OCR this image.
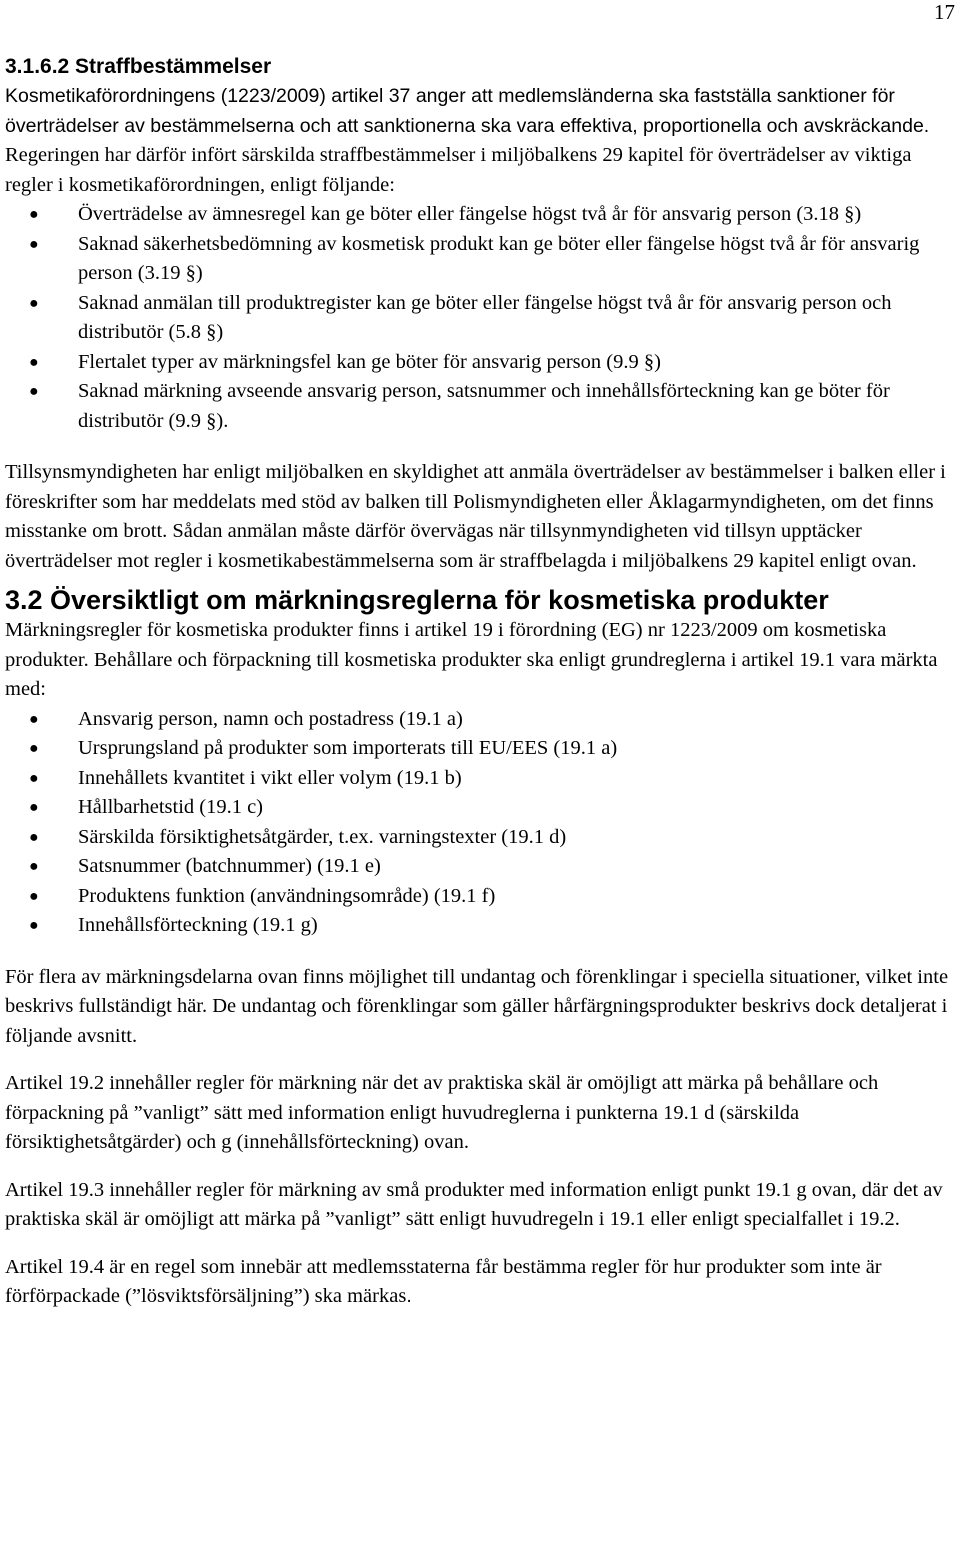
17
3.1.6.2 Straffbestämmelser

Kosmetikaförordningens (1223/2009) artikel 37 anger att medlemsländerna ska fastställa sanktioner för överträdelser av bestämmelserna och att sanktionerna ska vara effektiva, proportionella och avskräckande. Regeringen har därför infört särskilda straffbestämmelser i miljöbalkens 29 kapitel för överträdelser av viktiga regler i kosmetikaförordningen, enligt följande:

● Överträdelse av ämnesregel kan ge böter eller fängelse högst två år för ansvarig person (3.18 §)
● Saknad säkerhetsbedömning av kosmetisk produkt kan ge böter eller fängelse högst två år för ansvarig person (3.19 §)
● Saknad anmälan till produktregister kan ge böter eller fängelse högst två år för ansvarig person och distributör (5.8 §)
● Flertalet typer av märkningsfel kan ge böter för ansvarig person (9.9 §)
● Saknad märkning avseende ansvarig person, satsnummer och innehållsförteckning kan ge böter för distributör (9.9 §).

Tillsynsmyndigheten har enligt miljöbalken en skyldighet att anmäla överträdelser av bestämmelser i balken eller i föreskrifter som har meddelats med stöd av balken till Polismyndigheten eller Åklagarmyndigheten, om det finns misstanke om brott. Sådan anmälan måste därför övervägas när tillsynmyndigheten vid tillsyn upptäcker överträdelser mot regler i kosmetikabestämmelserna som är straffbelagda i miljöbalkens 29 kapitel enligt ovan.

3.2 Översiktligt om märkningsreglerna för kosmetiska produkter

Märkningsregler för kosmetiska produkter finns i artikel 19 i förordning (EG) nr 1223/2009 om kosmetiska produkter. Behållare och förpackning till kosmetiska produkter ska enligt grundreglerna i artikel 19.1 vara märkta med:

● Ansvarig person, namn och postadress (19.1 a)
● Ursprungsland på produkter som importerats till EU/EES (19.1 a)
● Innehållets kvantitet i vikt eller volym (19.1 b)
● Hållbarhetstid (19.1 c)
● Särskilda försiktighetsåtgärder, t.ex. varningstexter (19.1 d)
● Satsnummer (batchnummer) (19.1 e)
● Produktens funktion (användningsområde) (19.1 f)
● Innehållsförteckning (19.1 g)

För flera av märkningsdelarna ovan finns möjlighet till undantag och förenklingar i speciella situationer, vilket inte beskrivs fullständigt här. De undantag och förenklingar som gäller hårfärgningsprodukter beskrivs dock detaljerat i följande avsnitt.

Artikel 19.2 innehåller regler för märkning när det av praktiska skäl är omöjligt att märka på behållare och förpackning på ”vanligt” sätt med information enligt huvudreglerna i punkterna 19.1 d (särskilda försiktighetsåtgärder) och g (innehållsförteckning) ovan.

Artikel 19.3 innehåller regler för märkning av små produkter med information enligt punkt 19.1 g ovan, där det av praktiska skäl är omöjligt att märka på ”vanligt” sätt enligt huvudregeln i 19.1 eller enligt specialfallet i 19.2.

Artikel 19.4 är en regel som innebär att medlemsstaterna får bestämma regler för hur produkter som inte är förförpackade (”lösviktsförsäljning”) ska märkas.
